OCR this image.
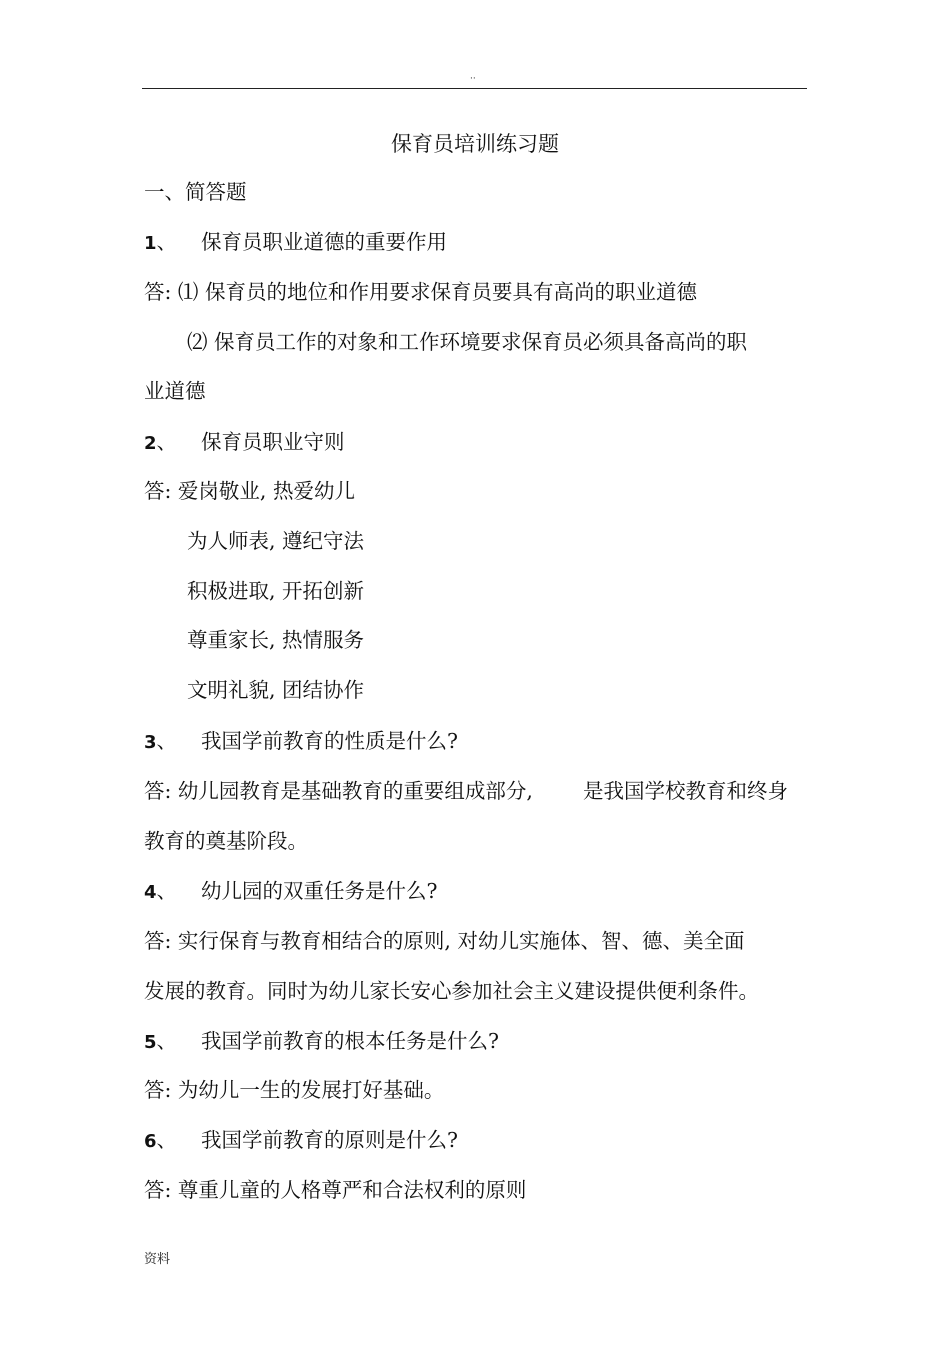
··
保育员培训练习题
一、简答题
1、 保育员职业道德的重要作用
答: ⑴ 保育员的地位和作用要求保育员要具有高尚的职业道德
⑵ 保育员工作的对象和工作环境要求保育员必须具备高尚的职
业道德
2、 保育员职业守则
答: 爱岗敬业, 热爱幼儿
为人师表, 遵纪守法
积极进取, 开拓创新
尊重家长, 热情服务
文明礼貌, 团结协作
3、 我国学前教育的性质是什么?
答: 幼儿园教育是基础教育的重要组成部分, 是我国学校教育和终身
教育的奠基阶段。
4、 幼儿园的双重任务是什么?
答: 实行保育与教育相结合的原则, 对幼儿实施体、智、德、美全面
发展的教育。同时为幼儿家长安心参加社会主义建设提供便利条件。
5、 我国学前教育的根本任务是什么?
答: 为幼儿一生的发展打好基础。
6、 我国学前教育的原则是什么?
答: 尊重儿童的人格尊严和合法权利的原则
资料
